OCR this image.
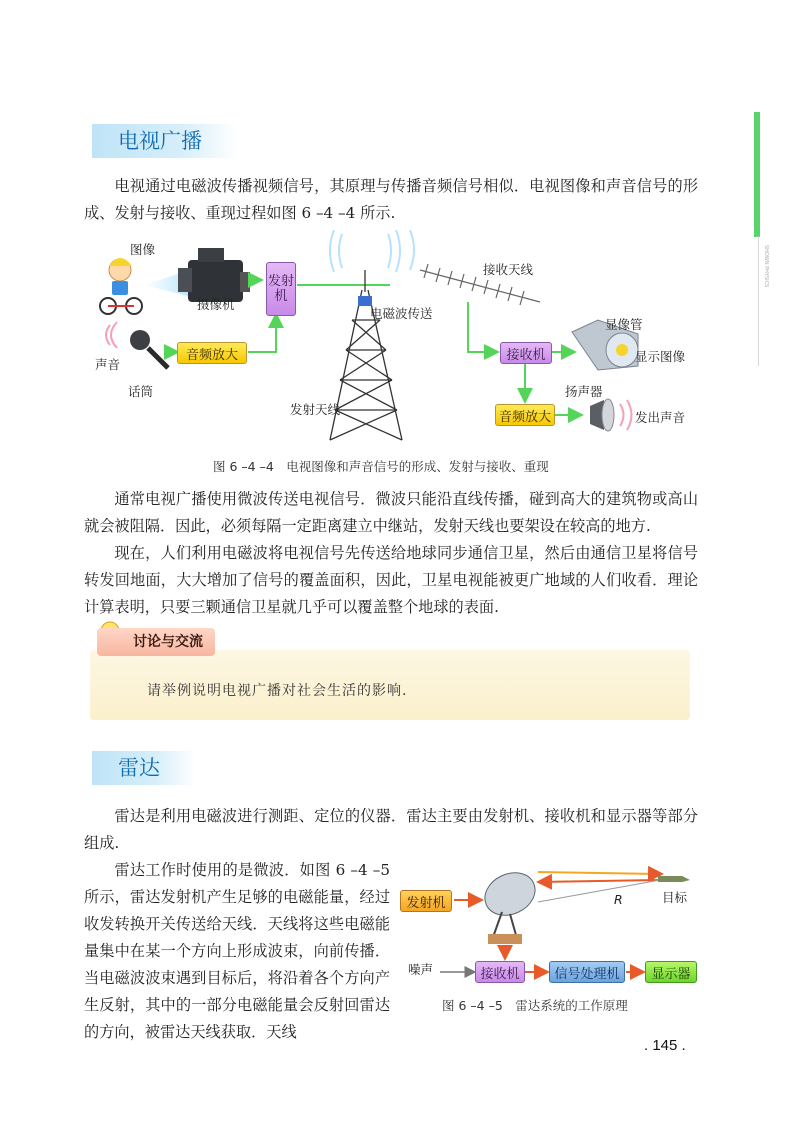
SHOWN PHYSICS
电视广播

电视通过电磁波传播视频信号，其原理与传播音频信号相似．电视图像和声音信号的形成、发射与接收、重现过程如图 6 –4 –4 所示.

图像
摄像机
发射机
声音
话筒
音频放大
发射天线
电磁波传送
接收天线
接收机
显像管
显示图像
扬声器
音频放大	发出声音
图 6 –4 –4　电视图像和声音信号的形成、发射与接收、重现

通常电视广播使用微波传送电视信号．微波只能沿直线传播，碰到高大的建筑物或高山就会被阻隔．因此，必须每隔一定距离建立中继站，发射天线也要架设在较高的地方.

现在，人们利用电磁波将电视信号先传送给地球同步通信卫星，然后由通信卫星将信号转发回地面，大大增加了信号的覆盖面积，因此，卫星电视能被更广地域的人们收看．理论计算表明，只要三颗通信卫星就几乎可以覆盖整个地球的表面.

讨论与交流
请举例说明电视广播对社会生活的影响.
雷达

雷达是利用电磁波进行测距、定位的仪器．雷达主要由发射机、接收机和显示器等部分组成.

雷达工作时使用的是微波．如图 6 –4 –5 所示，雷达发射机产生足够的电磁能量，经过收发转换开关传送给天线．天线将这些电磁能量集中在某一个方向上形成波束，向前传播．当电磁波波束遇到目标后，将沿着各个方向产生反射，其中的一部分电磁能量会反射回雷达的方向，被雷达天线获取．天线

发射机	R	目标
噪声	接收机	信号处理机	显示器
图 6 –4 –5　雷达系统的工作原理
. 145 .
